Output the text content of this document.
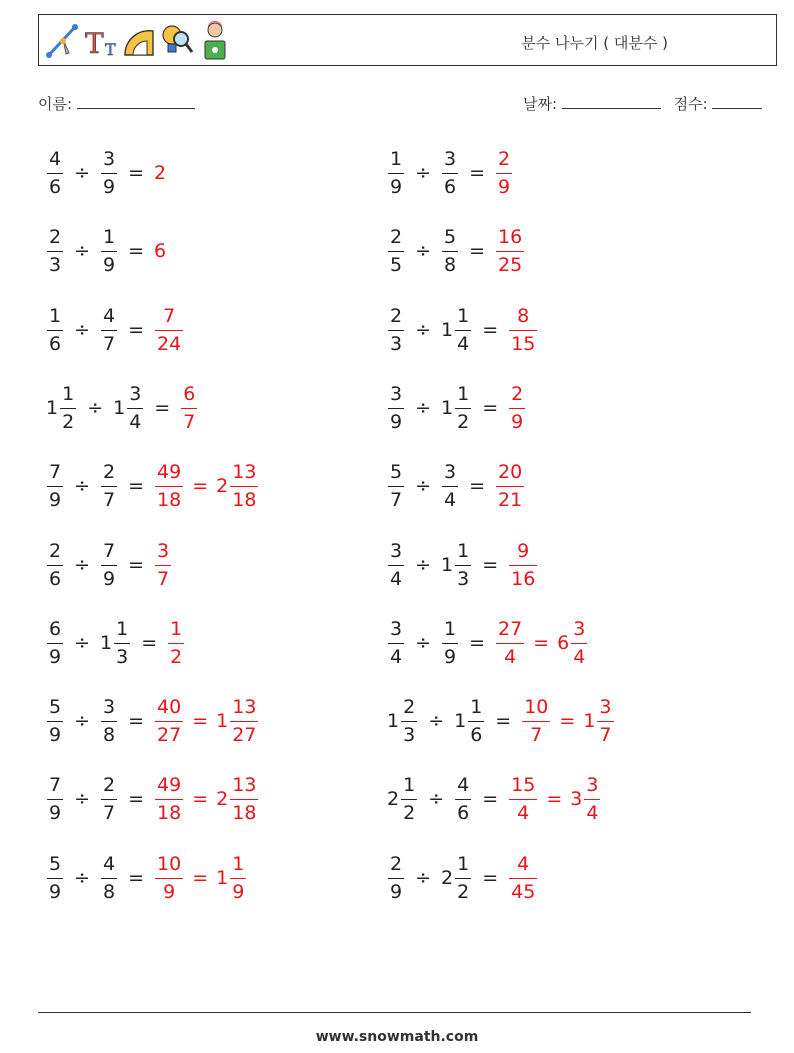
T T	분수 나누기 ( 대분수 )
이름:	날짜:	점수:
$\frac{4}{6} \div \frac{3}{9} = 2$	$\frac{1}{9} \div \frac{3}{6} = \frac{2}{9}$
$\frac{2}{3} \div \frac{1}{9} = 6$	$\frac{2}{5} \div \frac{5}{8} = \frac{16}{25}$
$\frac{1}{6} \div \frac{4}{7} = \frac{7}{24}$	$\frac{2}{3} \div 1 \frac{1}{4} = \frac{8}{15}$
$1 \frac{1}{2} \div 1 \frac{3}{4} = \frac{6}{7}$	$\frac{3}{9} \div 1 \frac{1}{2} = \frac{2}{9}$
$\frac{7}{9} \div \frac{2}{7} = \frac{49}{18} = 2 \frac{13}{18}$	$\frac{5}{7} \div \frac{3}{4} = \frac{20}{21}$
$\frac{2}{6} \div \frac{7}{9} = \frac{3}{7}$	$\frac{3}{4} \div 1 \frac{1}{3} = \frac{9}{16}$
$\frac{6}{9} \div 1 \frac{1}{3} = \frac{1}{2}$	$\frac{3}{4} \div \frac{1}{9} = \frac{27}{4} = 6 \frac{3}{4}$
$\frac{5}{9} \div \frac{3}{8} = \frac{40}{27} = 1 \frac{13}{27}$	$1 \frac{2}{3} \div 1 \frac{1}{6} = \frac{10}{7} = 1 \frac{3}{7}$
$\frac{7}{9} \div \frac{2}{7} = \frac{49}{18} = 2 \frac{13}{18}$	$2 \frac{1}{2} \div \frac{4}{6} = \frac{15}{4} = 3 \frac{3}{4}$
$\frac{5}{9} \div \frac{4}{8} = \frac{10}{9} = 1 \frac{1}{9}$	$\frac{2}{9} \div 2 \frac{1}{2} = \frac{4}{45}$
www.snowmath.com
